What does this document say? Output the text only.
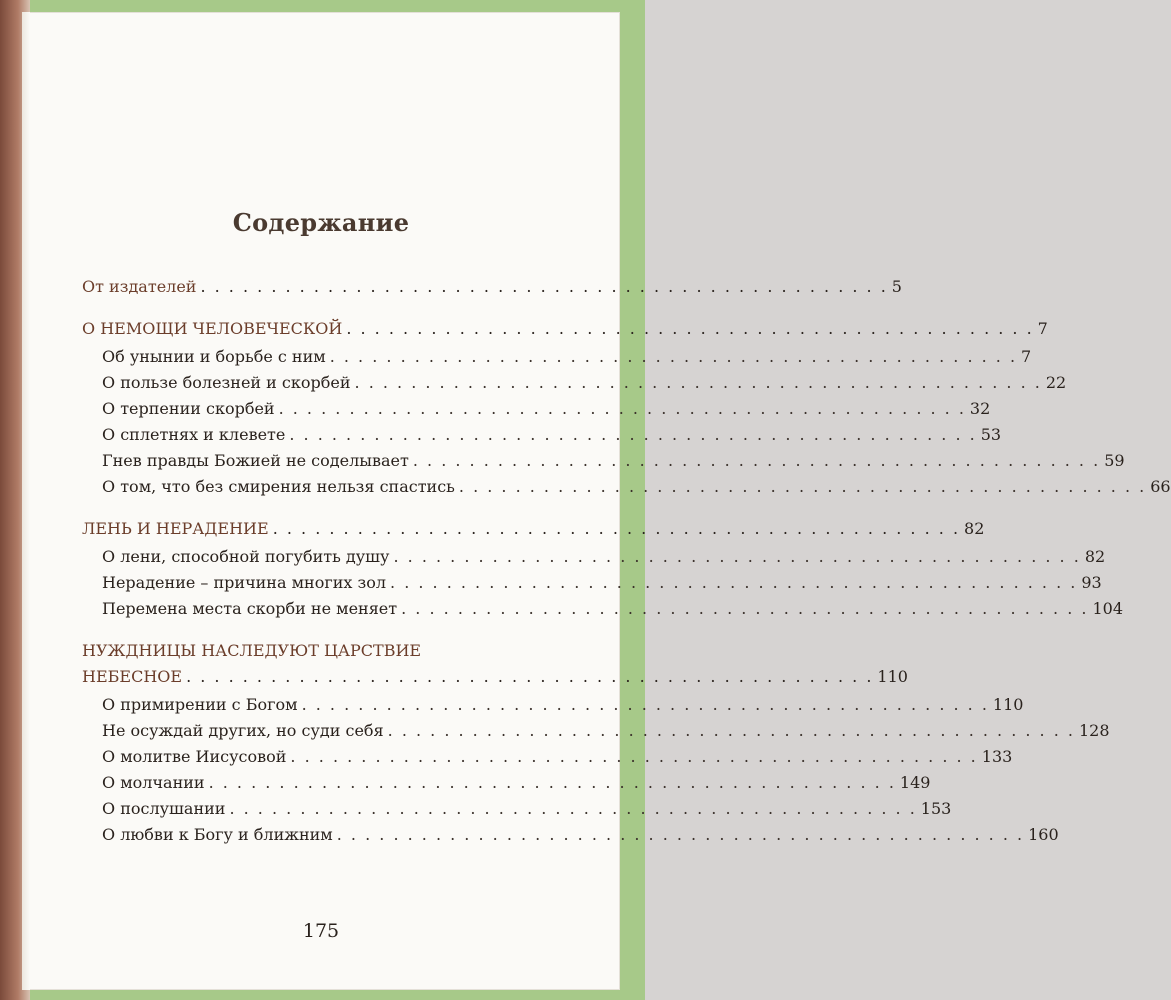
Содержание
От издателей . . . . . . . . . . . . . . . . . . . . . . . . . . . . . . . . . . . . . . . . . . . . . . . . . 5
О НЕМОЩИ ЧЕЛОВЕЧЕСКОЙ . . . . . . . . . . . . . . . . . . . . . . . . . . . . . . . . . . . . . . . . . . . . . . . . . 7
Об унынии и борьбе с ним . . . . . . . . . . . . . . . . . . . . . . . . . . . . . . . . . . . . . . . . . . . . . . . . . 7
О пользе болезней и скорбей . . . . . . . . . . . . . . . . . . . . . . . . . . . . . . . . . . . . . . . . . . . . . . . . . 22
О терпении скорбей . . . . . . . . . . . . . . . . . . . . . . . . . . . . . . . . . . . . . . . . . . . . . . . . . 32
О сплетнях и клевете . . . . . . . . . . . . . . . . . . . . . . . . . . . . . . . . . . . . . . . . . . . . . . . . . 53
Гнев правды Божией не соделывает . . . . . . . . . . . . . . . . . . . . . . . . . . . . . . . . . . . . . . . . . . . . . . . . . 59
О том, что без смирения нельзя спастись . . . . . . . . . . . . . . . . . . . . . . . . . . . . . . . . . . . . . . . . . . . . . . . . . 66
ЛЕНЬ И НЕРАДЕНИЕ . . . . . . . . . . . . . . . . . . . . . . . . . . . . . . . . . . . . . . . . . . . . . . . . . 82
О лени, способной погубить душу . . . . . . . . . . . . . . . . . . . . . . . . . . . . . . . . . . . . . . . . . . . . . . . . . 82
Нерадение – причина многих зол . . . . . . . . . . . . . . . . . . . . . . . . . . . . . . . . . . . . . . . . . . . . . . . . . 93
Перемена места скорби не меняет . . . . . . . . . . . . . . . . . . . . . . . . . . . . . . . . . . . . . . . . . . . . . . . . . 104
НУЖДНИЦЫ НАСЛЕДУЮТ ЦАРСТВИЕ
НЕБЕСНОЕ . . . . . . . . . . . . . . . . . . . . . . . . . . . . . . . . . . . . . . . . . . . . . . . . . 110
О примирении с Богом . . . . . . . . . . . . . . . . . . . . . . . . . . . . . . . . . . . . . . . . . . . . . . . . . 110
Не осуждай других, но суди себя . . . . . . . . . . . . . . . . . . . . . . . . . . . . . . . . . . . . . . . . . . . . . . . . . 128
О молитве Иисусовой . . . . . . . . . . . . . . . . . . . . . . . . . . . . . . . . . . . . . . . . . . . . . . . . . 133
О молчании . . . . . . . . . . . . . . . . . . . . . . . . . . . . . . . . . . . . . . . . . . . . . . . . . 149
О послушании . . . . . . . . . . . . . . . . . . . . . . . . . . . . . . . . . . . . . . . . . . . . . . . . . 153
О любви к Богу и ближним . . . . . . . . . . . . . . . . . . . . . . . . . . . . . . . . . . . . . . . . . . . . . . . . . 160
175
